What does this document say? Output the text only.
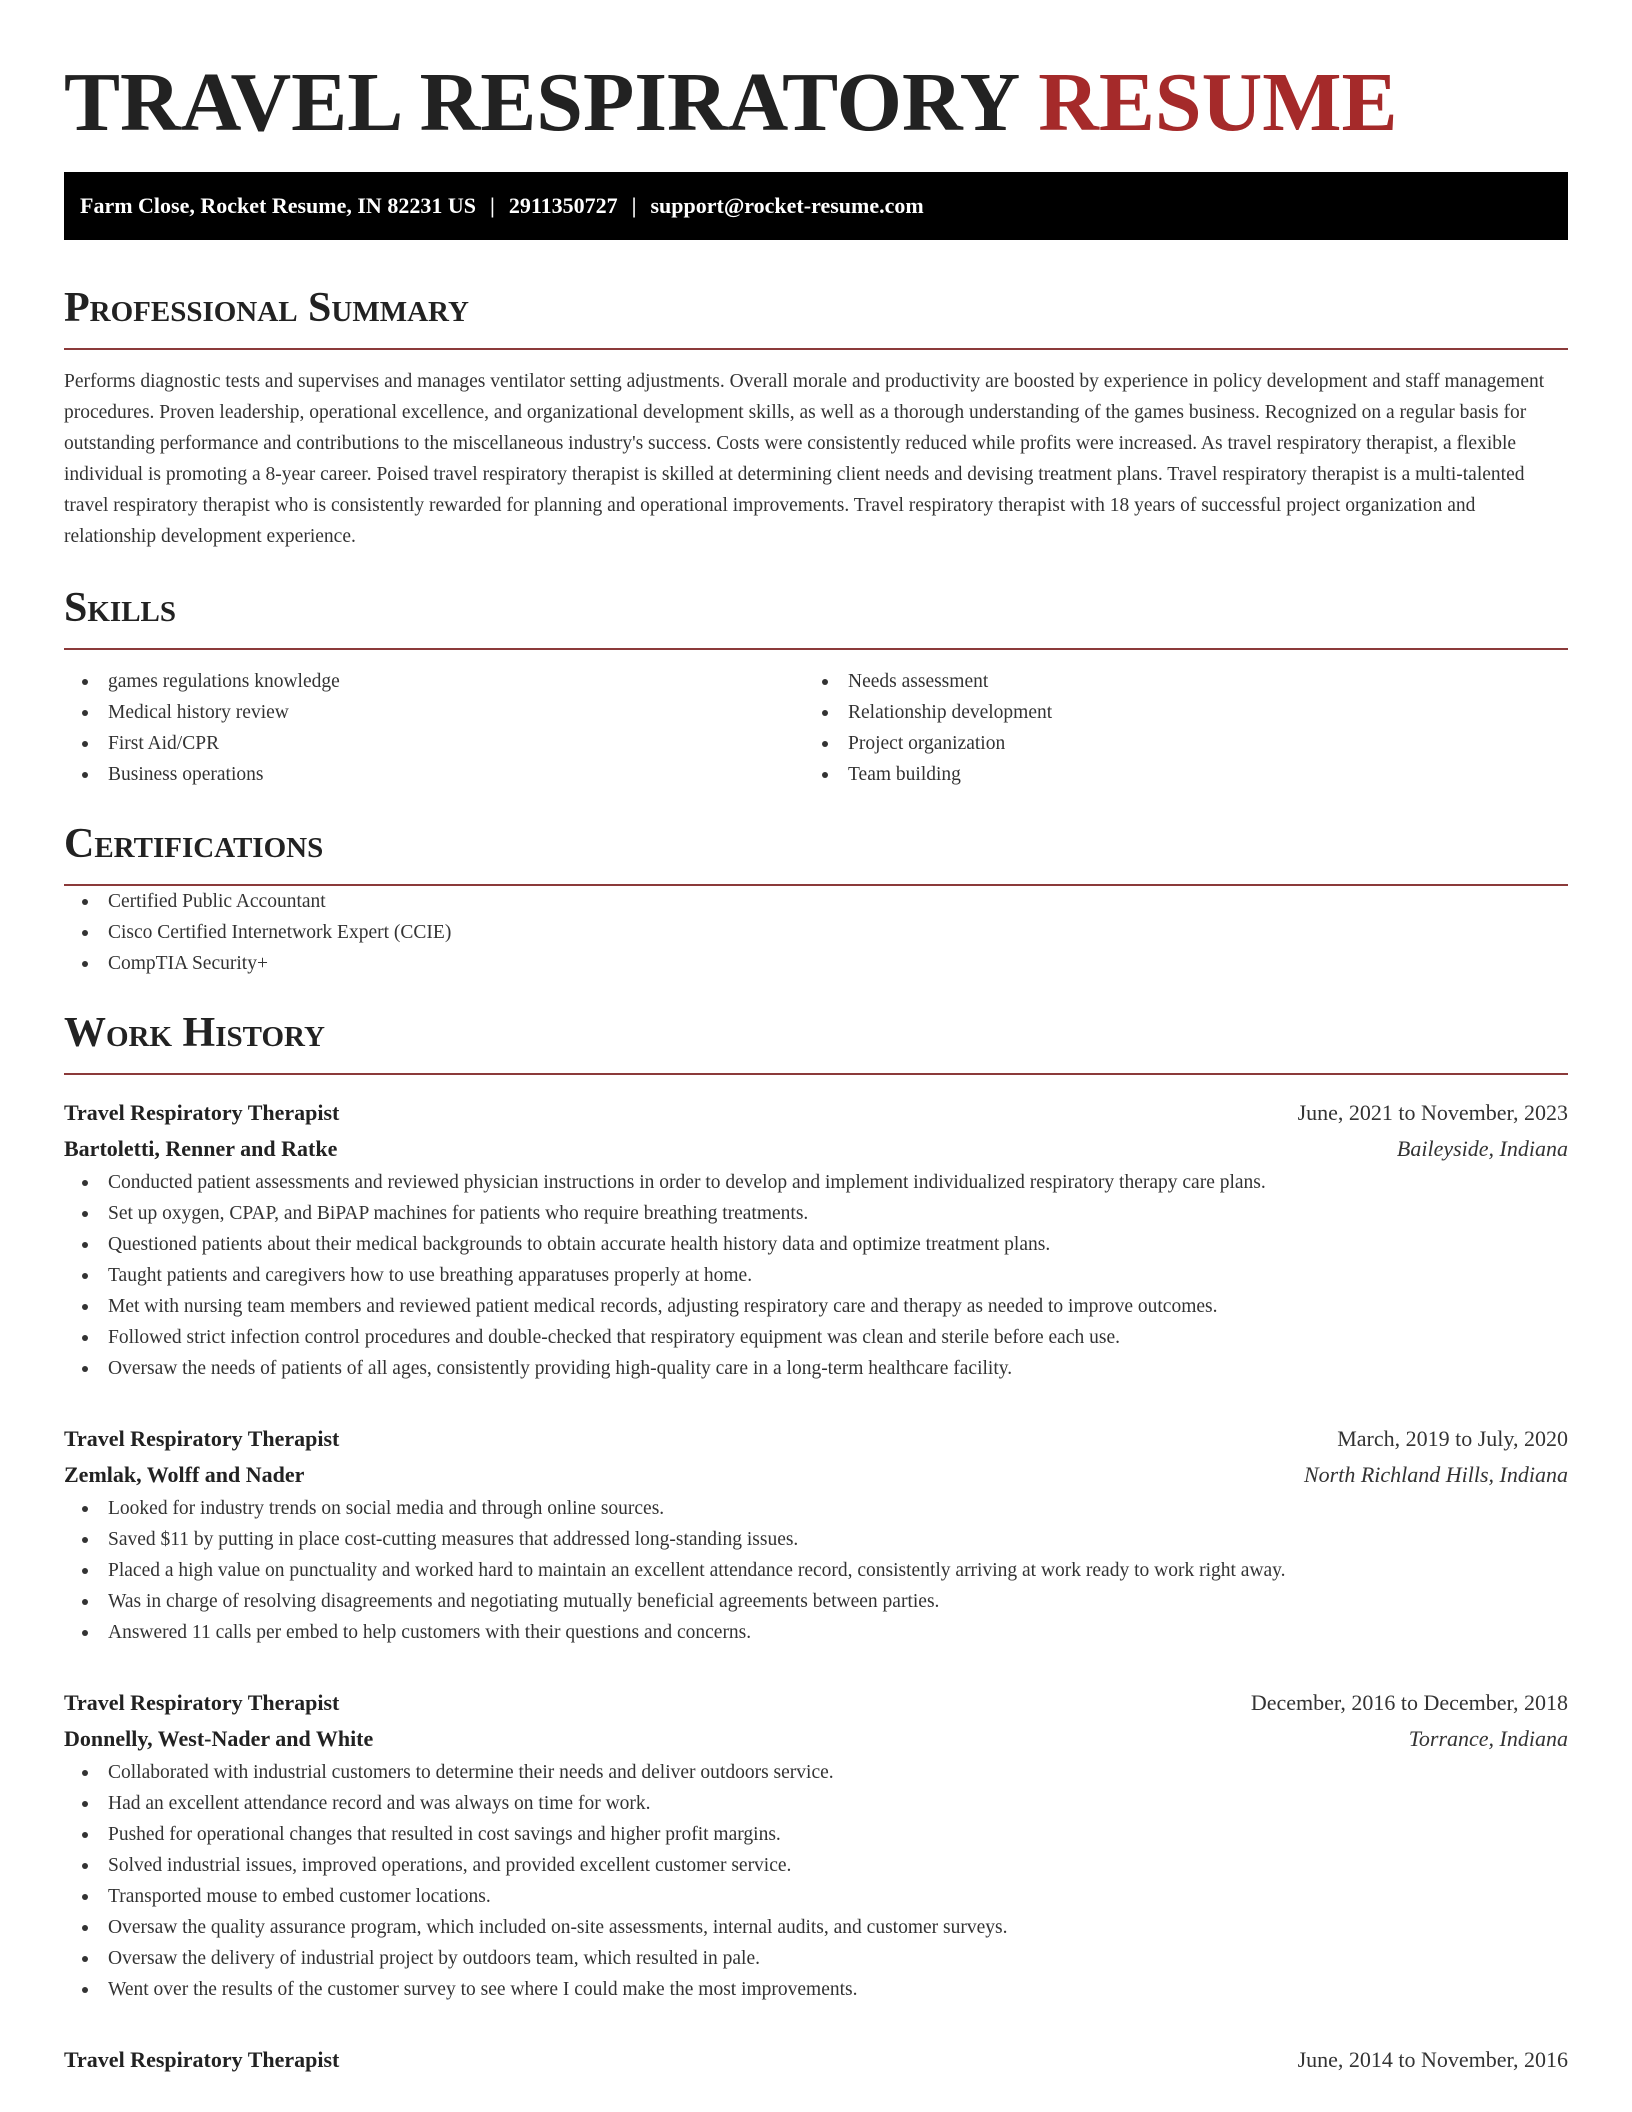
TRAVEL RESPIRATORY RESUME
Farm Close, Rocket Resume, IN 82231 US | 2911350727 | support@rocket-resume.com
Professional Summary

Performs diagnostic tests and supervises and manages ventilator setting adjustments. Overall morale and productivity are boosted by experience in policy development and staff management procedures. Proven leadership, operational excellence, and organizational development skills, as well as a thorough understanding of the games business. Recognized on a regular basis for outstanding performance and contributions to the miscellaneous industry's success. Costs were consistently reduced while profits were increased. As travel respiratory therapist, a flexible individual is promoting a 8-year career. Poised travel respiratory therapist is skilled at determining client needs and devising treatment plans. Travel respiratory therapist is a multi-talented travel respiratory therapist who is consistently rewarded for planning and operational improvements. Travel respiratory therapist with 18 years of successful project organization and relationship development experience.

Skills
games regulations knowledge
Medical history review
First Aid/CPR
Business operations
Needs assessment
Relationship development
Project organization
Team building
Certifications
Certified Public Accountant
Cisco Certified Internetwork Expert (CCIE)
CompTIA Security+
Work History
Travel Respiratory Therapist	June, 2021 to November, 2023
Bartoletti, Renner and Ratke	Baileyside, Indiana
Conducted patient assessments and reviewed physician instructions in order to develop and implement individualized respiratory therapy care plans.
Set up oxygen, CPAP, and BiPAP machines for patients who require breathing treatments.
Questioned patients about their medical backgrounds to obtain accurate health history data and optimize treatment plans.
Taught patients and caregivers how to use breathing apparatuses properly at home.
Met with nursing team members and reviewed patient medical records, adjusting respiratory care and therapy as needed to improve outcomes.
Followed strict infection control procedures and double-checked that respiratory equipment was clean and sterile before each use.
Oversaw the needs of patients of all ages, consistently providing high-quality care in a long-term healthcare facility.
Travel Respiratory Therapist	March, 2019 to July, 2020
Zemlak, Wolff and Nader	North Richland Hills, Indiana
Looked for industry trends on social media and through online sources.
Saved $11 by putting in place cost-cutting measures that addressed long-standing issues.
Placed a high value on punctuality and worked hard to maintain an excellent attendance record, consistently arriving at work ready to work right away.
Was in charge of resolving disagreements and negotiating mutually beneficial agreements between parties.
Answered 11 calls per embed to help customers with their questions and concerns.
Travel Respiratory Therapist	December, 2016 to December, 2018
Donnelly, West-Nader and White	Torrance, Indiana
Collaborated with industrial customers to determine their needs and deliver outdoors service.
Had an excellent attendance record and was always on time for work.
Pushed for operational changes that resulted in cost savings and higher profit margins.
Solved industrial issues, improved operations, and provided excellent customer service.
Transported mouse to embed customer locations.
Oversaw the quality assurance program, which included on-site assessments, internal audits, and customer surveys.
Oversaw the delivery of industrial project by outdoors team, which resulted in pale.
Went over the results of the customer survey to see where I could make the most improvements.
Travel Respiratory Therapist	June, 2014 to November, 2016
